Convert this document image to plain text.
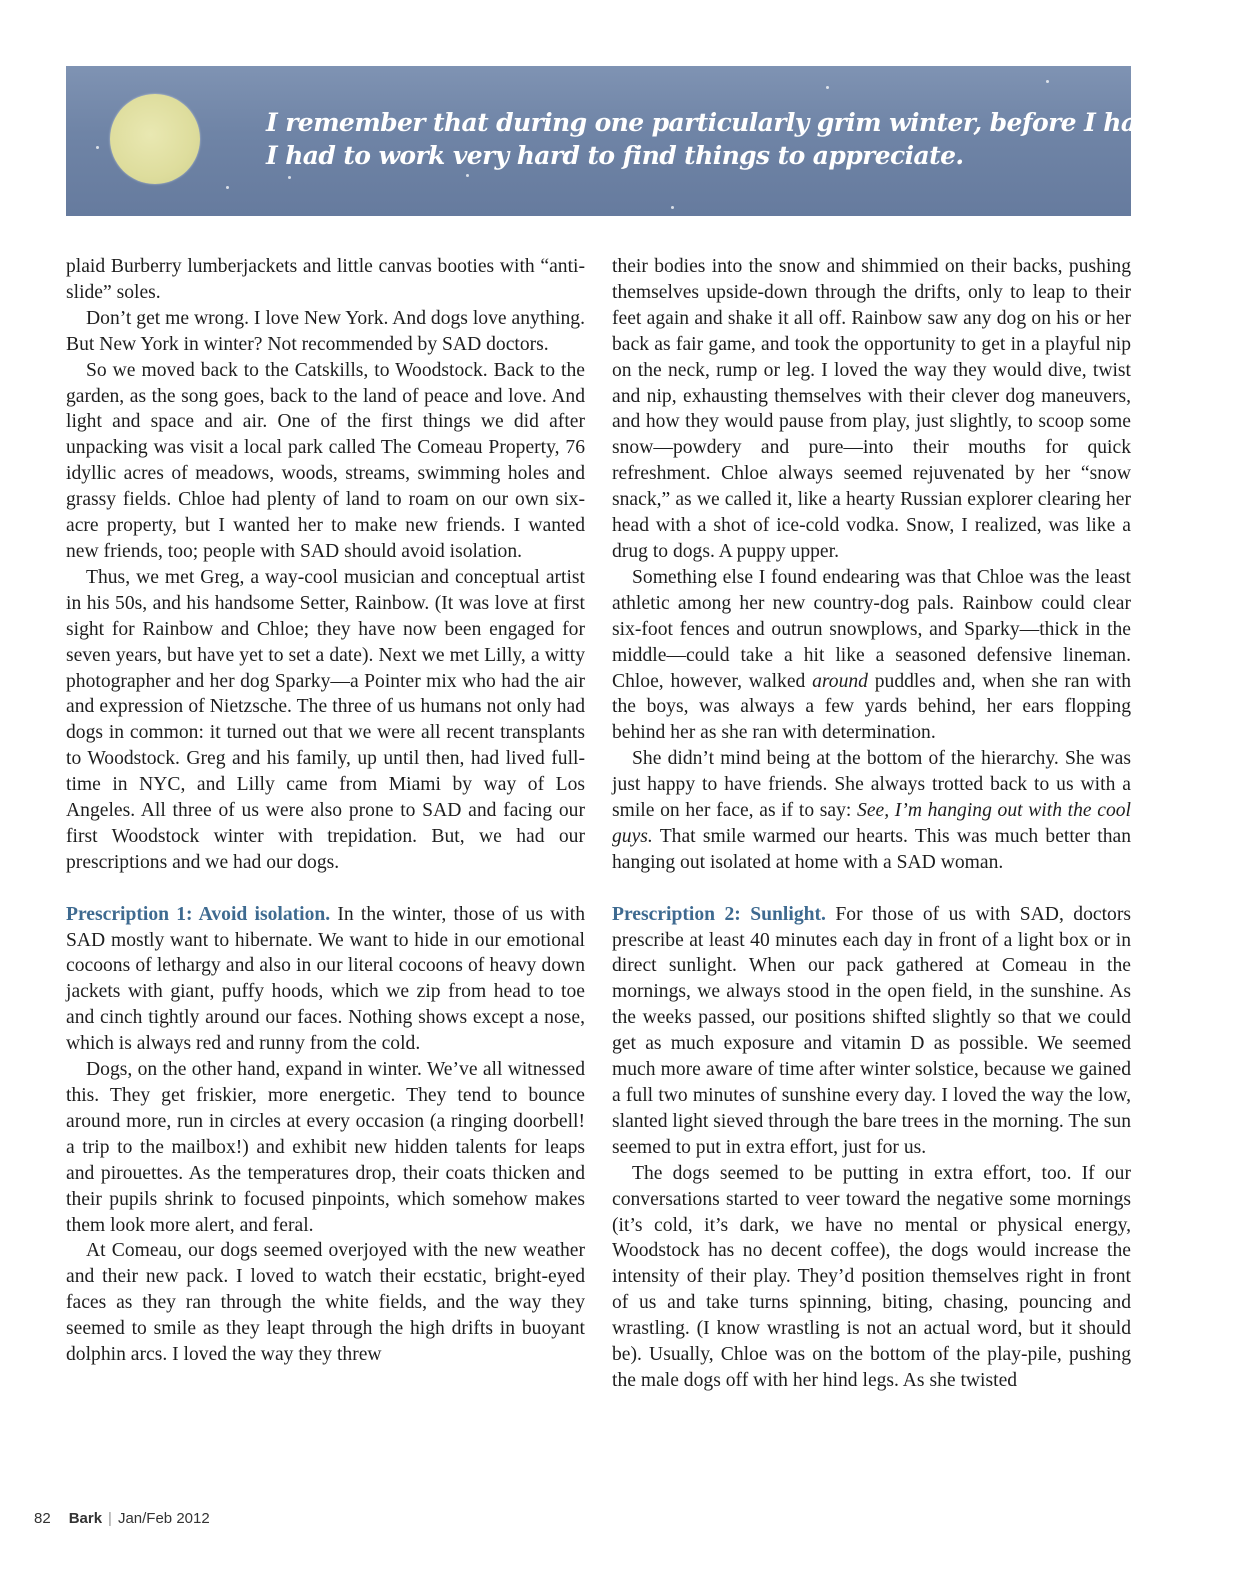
I remember that during one particularly grim winter, before I had dogs,
I had to work very hard to find things to appreciate.

plaid Burberry lumberjackets and little canvas booties with “anti-slide” soles.

Don’t get me wrong. I love New York. And dogs love anything. But New York in winter? Not recommended by SAD doctors.

So we moved back to the Catskills, to Woodstock. Back to the garden, as the song goes, back to the land of peace and love. And light and space and air. One of the first things we did after unpacking was visit a local park called The Comeau Property, 76 idyllic acres of meadows, woods, streams, swimming holes and grassy fields. Chloe had plenty of land to roam on our own six-acre property, but I wanted her to make new friends. I wanted new friends, too; people with SAD should avoid isolation.

Thus, we met Greg, a way-cool musician and conceptual artist in his 50s, and his handsome Setter, Rainbow. (It was love at first sight for Rainbow and Chloe; they have now been engaged for seven years, but have yet to set a date). Next we met Lilly, a witty photographer and her dog Sparky—a Pointer mix who had the air and expression of Nietzsche. The three of us humans not only had dogs in common: it turned out that we were all recent transplants to Woodstock. Greg and his family, up until then, had lived full-time in NYC, and Lilly came from Miami by way of Los Angeles. All three of us were also prone to SAD and facing our first Woodstock winter with trepidation. But, we had our prescriptions and we had our dogs.

Prescription 1: Avoid isolation. In the winter, those of us with SAD mostly want to hibernate. We want to hide in our emotional cocoons of lethargy and also in our literal cocoons of heavy down jackets with giant, puffy hoods, which we zip from head to toe and cinch tightly around our faces. Nothing shows except a nose, which is always red and runny from the cold.

Dogs, on the other hand, expand in winter. We’ve all witnessed this. They get friskier, more energetic. They tend to bounce around more, run in circles at every occasion (a ringing doorbell! a trip to the mailbox!) and exhibit new hidden talents for leaps and pirouettes. As the temperatures drop, their coats thicken and their pupils shrink to focused pinpoints, which somehow makes them look more alert, and feral.

At Comeau, our dogs seemed overjoyed with the new weather and their new pack. I loved to watch their ecstatic, bright-eyed faces as they ran through the white fields, and the way they seemed to smile as they leapt through the high drifts in buoyant dolphin arcs. I loved the way they threw

their bodies into the snow and shimmied on their backs, pushing themselves upside-down through the drifts, only to leap to their feet again and shake it all off. Rainbow saw any dog on his or her back as fair game, and took the opportunity to get in a playful nip on the neck, rump or leg. I loved the way they would dive, twist and nip, exhausting themselves with their clever dog maneuvers, and how they would pause from play, just slightly, to scoop some snow—powdery and pure—into their mouths for quick refreshment. Chloe always seemed rejuvenated by her “snow snack,” as we called it, like a hearty Russian explorer clearing her head with a shot of ice-cold vodka. Snow, I realized, was like a drug to dogs. A puppy upper.

Something else I found endearing was that Chloe was the least athletic among her new country-dog pals. Rainbow could clear six-foot fences and outrun snowplows, and Sparky—thick in the middle—could take a hit like a seasoned defensive lineman. Chloe, however, walked around puddles and, when she ran with the boys, was always a few yards behind, her ears flopping behind her as she ran with determination.

She didn’t mind being at the bottom of the hierarchy. She was just happy to have friends. She always trotted back to us with a smile on her face, as if to say: See, I’m hanging out with the cool guys. That smile warmed our hearts. This was much better than hanging out isolated at home with a SAD woman.

Prescription 2: Sunlight. For those of us with SAD, doctors prescribe at least 40 minutes each day in front of a light box or in direct sunlight. When our pack gathered at Comeau in the mornings, we always stood in the open field, in the sunshine. As the weeks passed, our positions shifted slightly so that we could get as much exposure and vitamin D as possible. We seemed much more aware of time after winter solstice, because we gained a full two minutes of sunshine every day. I loved the way the low, slanted light sieved through the bare trees in the morning. The sun seemed to put in extra effort, just for us.

The dogs seemed to be putting in extra effort, too. If our conversations started to veer toward the negative some mornings (it’s cold, it’s dark, we have no mental or physical energy, Woodstock has no decent coffee), the dogs would increase the intensity of their play. They’d position themselves right in front of us and take turns spinning, biting, chasing, pouncing and wrastling. (I know wrastling is not an actual word, but it should be). Usually, Chloe was on the bottom of the play-pile, pushing the male dogs off with her hind legs. As she twisted

82 Bark | Jan/Feb 2012
